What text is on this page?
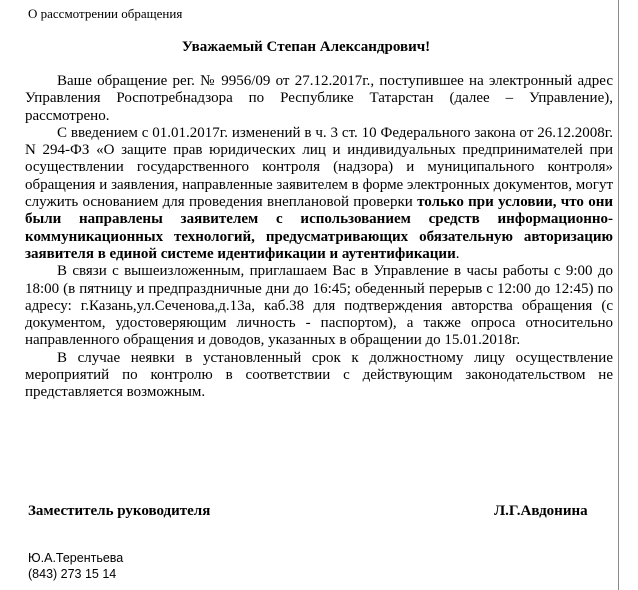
О рассмотрении обращения
Уважаемый Степан Александрович!

Ваше обращение рег. № 9956/09 от 27.12.2017г., поступившее на электронный адрес Управления Роспотребнадзора по Республике Татарстан (далее – Управление), рассмотрено.

С введением с 01.01.2017г. изменений в ч. 3 ст. 10 Федерального закона от 26.12.2008г. N 294-ФЗ «О защите прав юридических лиц и индивидуальных предпринимателей при осуществлении государственного контроля (надзора) и муниципального контроля» обращения и заявления, направленные заявителем в форме электронных документов, могут служить основанием для проведения внеплановой проверки только при условии, что они были направлены заявителем с использованием средств информационно-коммуникационных технологий, предусматривающих обязательную авторизацию заявителя в единой системе идентификации и аутентификации.

В связи с вышеизложенным, приглашаем Вас в Управление в часы работы с 9:00 до 18:00 (в пятницу и предпраздничные дни до 16:45; обеденный перерыв с 12:00 до 12:45) по адресу: г.Казань,ул.Сеченова,д.13а, каб.38 для подтверждения авторства обращения (с документом, удостоверяющим личность - паспортом), а также опроса относительно направленного обращения и доводов, указанных в обращении до 15.01.2018г.

В случае неявки в установленный срок к должностному лицу осуществление мероприятий по контролю в соответствии с действующим законодательством не представляется возможным.

Заместитель руководителя	Л.Г.Авдонина
Ю.А.Терентьева
(843) 273 15 14
